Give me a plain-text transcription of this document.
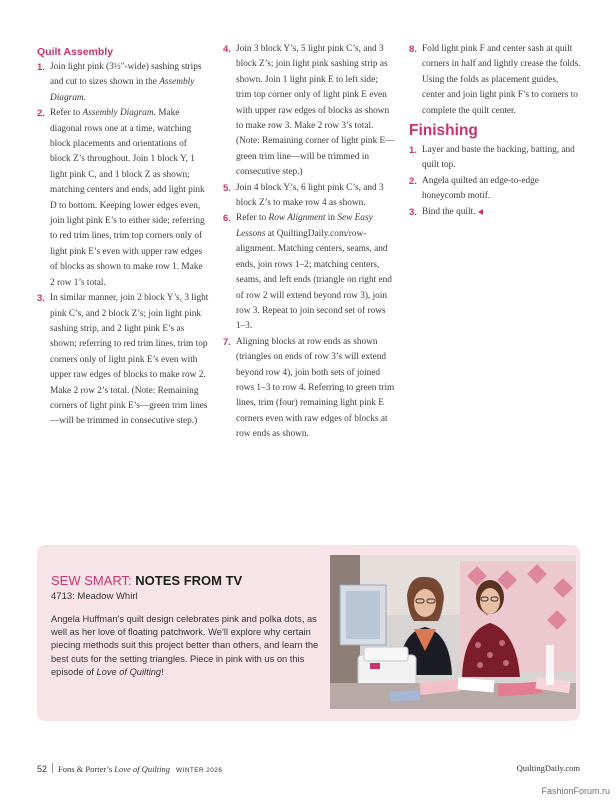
Quilt Assembly
1. Join light pink (3½"-wide) sashing strips and cut to sizes shown in the Assembly Diagram.
2. Refer to Assembly Diagram. Make diagonal rows one at a time, watching block placements and orientations of block Z’s throughout. Join 1 block Y, 1 light pink C, and 1 block Z as shown; matching centers and ends, add light pink D to bottom. Keeping lower edges even, join light pink E’s to either side; referring to red trim lines, trim top corners only of light pink E’s even with upper raw edges of blocks as shown to make row 1. Make 2 row 1’s total.
3. In similar manner, join 2 block Y’s, 3 light pink C’s, and 2 block Z’s; join light pink sashing strip, and 2 light pink E’s as shown; referring to red trim lines, trim top corners only of light pink E’s even with upper raw edges of blocks to make row 2. Make 2 row 2’s total. (Note: Remaining corners of light pink E’s—green trim lines—will be trimmed in consecutive step.)
4. Join 3 block Y’s, 5 light pink C’s, and 3 block Z’s; join light pink sashing strip as shown. Join 1 light pink E to left side; trim top corner only of light pink E even with upper raw edges of blocks as shown to make row 3. Make 2 row 3’s total. (Note: Remaining corner of light pink E—green trim line—will be trimmed in consecutive step.)
5. Join 4 block Y’s, 6 light pink C’s, and 3 block Z’s to make row 4 as shown.
6. Refer to Row Alignment in Sew Easy Lessons at QuiltingDaily.com/row-alignment. Matching centers, seams, and ends, join rows 1–2; matching centers, seams, and left ends (triangle on right end of row 2 will extend beyond row 3), join row 3. Repeat to join second set of rows 1–3.
7. Aligning blocks at row ends as shown (triangles on ends of row 3’s will extend beyond row 4), join both sets of joined rows 1–3 to row 4. Referring to green trim lines, trim (four) remaining light pink E corners even with raw edges of blocks at row ends as shown.
8. Fold light pink F and center sash at quilt corners in half and lightly crease the folds. Using the folds as placement guides, center and join light pink F’s to corners to complete the quilt center.
Finishing
1. Layer and baste the backing, batting, and quilt top.
2. Angela quilted an edge-to-edge honeycomb motif.
3. Bind the quilt.
SEW SMART: NOTES FROM TV
4713: Meadow Whirl
Angela Huffman’s quilt design celebrates pink and polka dots, as well as her love of floating patchwork. We’ll explore why certain piecing methods suit this project better than others, and learn the best cuts for the setting triangles. Piece in pink with us on this episode of Love of Quilting!
52 Fons & Porter’s Love of Quilting WINTER 2026	QuiltingDaily.com
FashionForum.ru
